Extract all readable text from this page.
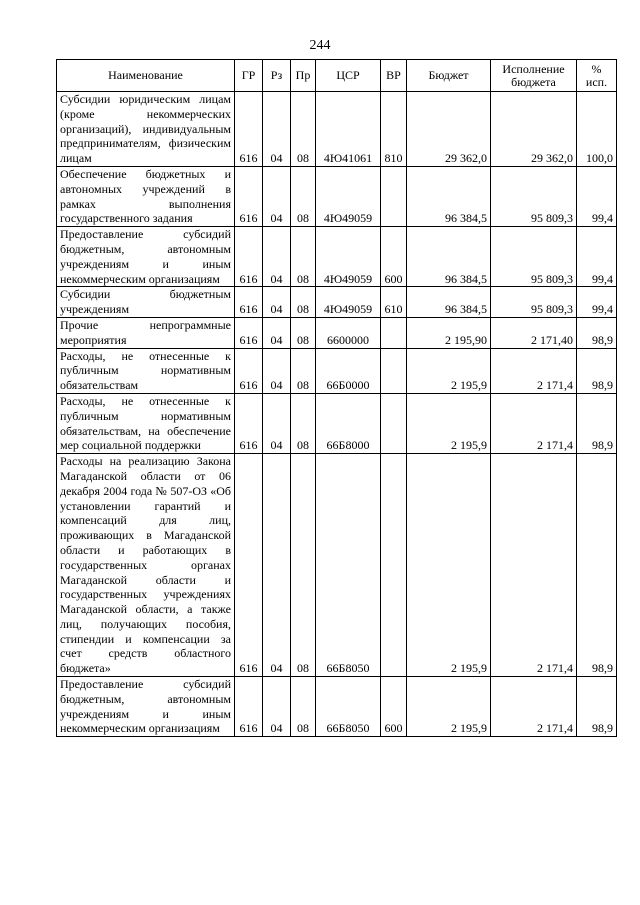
244
Наименование	ГР	Рз	Пр	ЦСР	ВР	Бюджет	Исполнение бюджета	% исп.
Субсидии юридическим лицам (кроме некоммерческих организаций), индивидуальным предпринимателям, физическим лицам	616	04	08	4Ю41061	810	29 362,0	29 362,0	100,0
Обеспечение бюджетных и автономных учреждений в рамках выполнения государственного задания	616	04	08	4Ю49059		96 384,5	95 809,3	99,4
Предоставление субсидий бюджетным, автономным учреждениям и иным некоммерческим организациям	616	04	08	4Ю49059	600	96 384,5	95 809,3	99,4
Субсидии бюджетным учреждениям	616	04	08	4Ю49059	610	96 384,5	95 809,3	99,4
Прочие непрограммные мероприятия	616	04	08	6600000		2 195,90	2 171,40	98,9
Расходы, не отнесенные к публичным нормативным обязательствам	616	04	08	66Б0000		2 195,9	2 171,4	98,9
Расходы, не отнесенные к публичным нормативным обязательствам, на обеспечение мер социальной поддержки	616	04	08	66Б8000		2 195,9	2 171,4	98,9
Расходы на реализацию Закона Магаданской области от 06 декабря 2004 года № 507-ОЗ «Об установлении гарантий и компенсаций для лиц, проживающих в Магаданской области и работающих в государственных органах Магаданской области и государственных учреждениях Магаданской области, а также лиц, получающих пособия, стипендии и компенсации за счет средств областного бюджета»	616	04	08	66Б8050		2 195,9	2 171,4	98,9
Предоставление субсидий бюджетным, автономным учреждениям и иным некоммерческим организациям	616	04	08	66Б8050	600	2 195,9	2 171,4	98,9
